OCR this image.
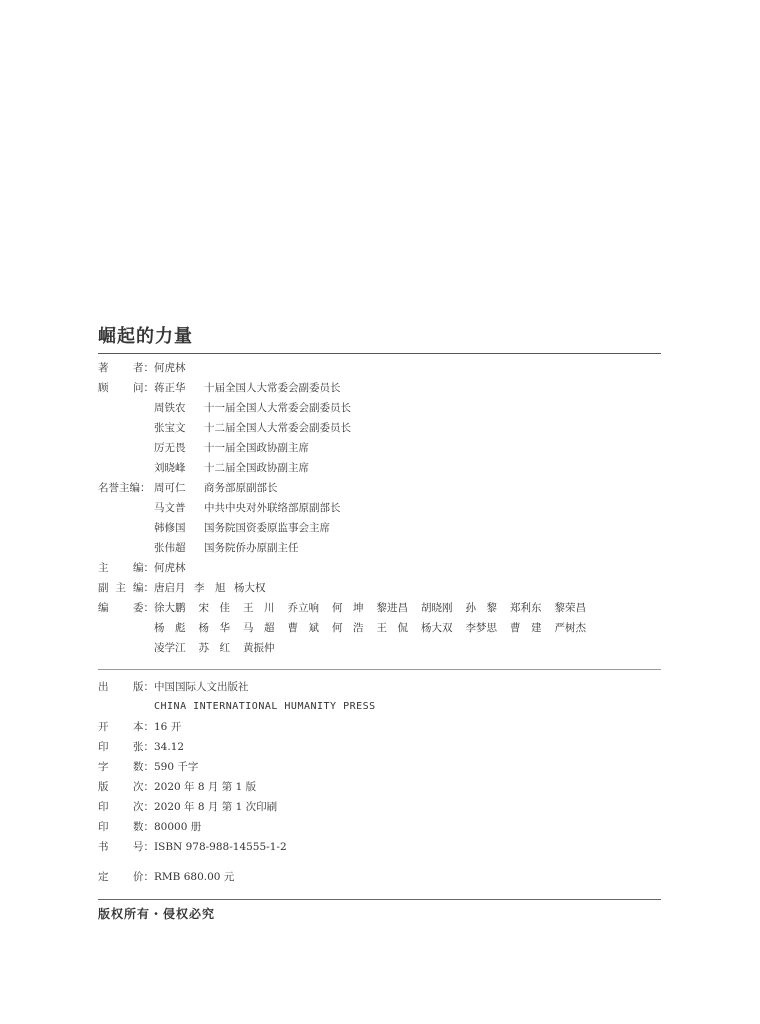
崛起的力量
著 者： 何虎林
顾 问： 蒋正华 十届全国人大常委会副委员长
周铁农 十一届全国人大常委会副委员长
张宝文 十二届全国人大常委会副委员长
厉无畏 十一届全国政协副主席
刘晓峰 十二届全国政协副主席
名誉主编： 周可仁 商务部原副部长
马文普 中共中央对外联络部原副部长
韩修国 国务院国资委原监事会主席
张伟超 国务院侨办原副主任
主 编： 何虎林
副 主 编： 唐启月 李　旭 杨大权
编 委： 徐大鹏	宋　佳	王　川	乔立响	何　坤	黎进昌	胡晓刚	孙　黎	郑利东	黎荣昌
杨　彪	杨　华	马　超	曹　斌	何　浩	王　侃	杨大双	李梦思	曹　建	严树杰
凌学江	苏　红	黄振仲
出 版： 中国国际人文出版社
CHINA INTERNATIONAL HUMANITY PRESS
开 本： 16 开
印 张： 34.12
字 数： 590 千字
版 次： 2020 年 8 月 第 1 版
印 次： 2020 年 8 月 第 1 次印刷
印 数： 80000 册
书 号： ISBN 978-988-14555-1-2
定 价： RMB 680.00 元
版权所有・侵权必究
